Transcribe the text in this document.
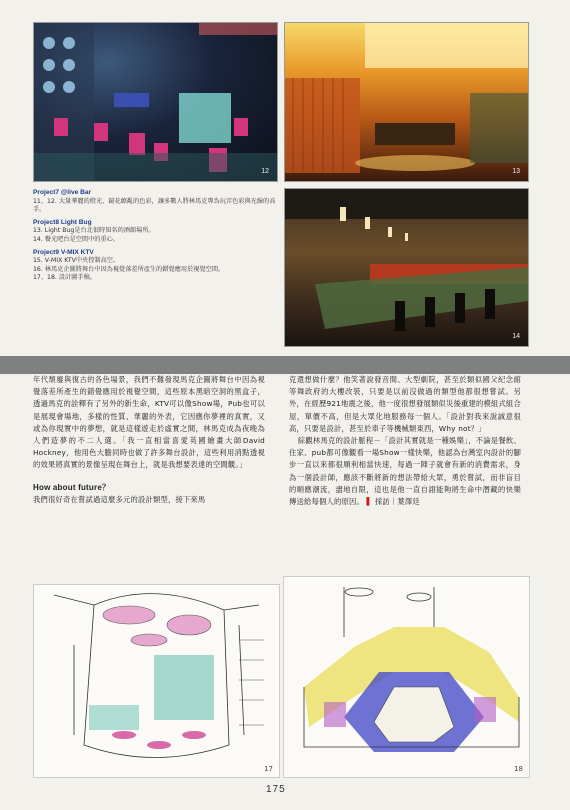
12	13
14
Project7 @live Bar
11、12. 大量華麗的燈光、鏡花繚亂的色彩，讓多數人將林馬克專為玩弄色彩與光線的高手。
Project8 Light Bug
13. Light Bug是台北很時知名的酒館場所。
14. 餐光吧台是空間中的重心。
Project9 V-MIX KTV
15. V-MIX KTV中央控制高空。
16. 林馬克企圖將舞台中因為視覺落差所產生的錯覺應用於視覺空間。
17、18. 設計圖手稿。
年代頹廢與復古的各色場景，我們不難發現馬克企圖將舞台中因為視覺落差所產生的錯覺應用於視覺空間，這些原本黑暗空洞的黑盒子，透過馬克的詮釋有了另外的新生命，KTV可以像Show場，Pub也可以是展現會場地，多樣的性質、華麗的外表，它因應你夢裡的真實，又或為你現實中的夢想，就是這樣遊走於虛實之間，林馬克成為夜晚為人們造夢的不二人選。「我一直相當喜愛英國繪畫大師David Hockney，他用色大膽同時也做了許多舞台設計，這些利用消點透視的效果將真實的景像呈現在舞台上，就是我想要表達的空間觀。」
How about future？
我們很好奇在嘗試過這麼多元的設計類型，接下來馬
克還想做什麼？他笑著說發音間、大型劇院，甚至於類似國父紀念館等舞政府的大樓改裝，只要是以前沒做過的類型他都很想嘗試。另外，在經歷921地震之後，他一度很想發展類似災後重建的模組式組合屋，單價不高，但是大眾化地服務每一個人。「設計對我來說誠意很高，只要是設計，甚至於車子等機械類東西，Why not？」
綜觀林馬克的設計脈程－「設計其實就是一種娛樂」，不論是餐飲、住家、pub都可像觀看一場Show一樣快樂，他認為台灣室內設計的腳步一直以來都很順利相當快速，每過一陣子就會有新的消費需求，身為一個設計師，應該不斷將新的想法帶給大眾，勇於嘗試，而非盲目的順應潮流，盡地自限，這也是他一直自詡能夠將生命中潛藏的快樂傳送給每個人的原因。 ▌ 採訪｜葉澤廷
17	18
175
